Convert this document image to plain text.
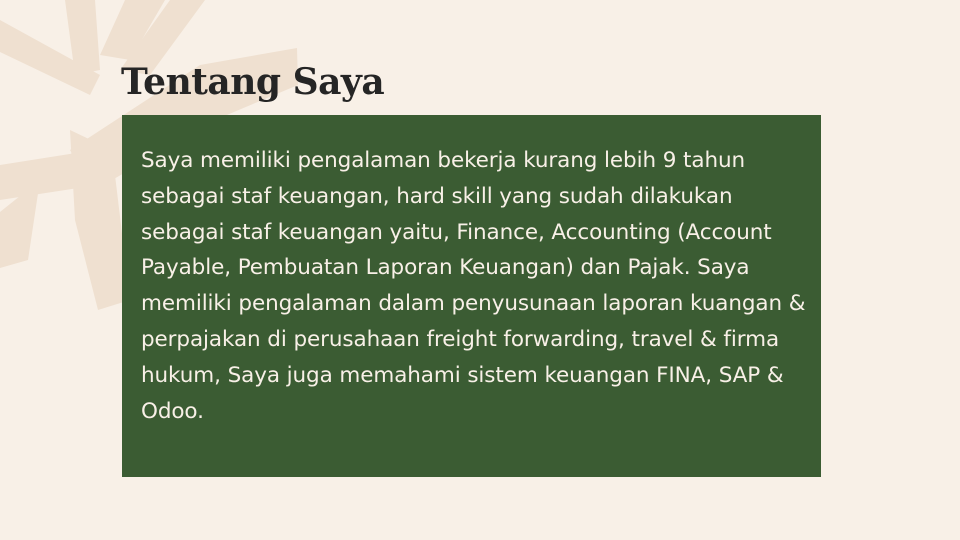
Tentang Saya

Saya memiliki pengalaman bekerja kurang lebih 9 tahun sebagai staf keuangan, hard skill yang sudah dilakukan sebagai staf keuangan yaitu, Finance, Accounting (Account Payable, Pembuatan Laporan Keuangan) dan Pajak. Saya memiliki pengalaman dalam penyusunaan laporan kuangan & perpajakan di perusahaan freight forwarding, travel & firma hukum, Saya juga memahami sistem keuangan FINA, SAP & Odoo.
